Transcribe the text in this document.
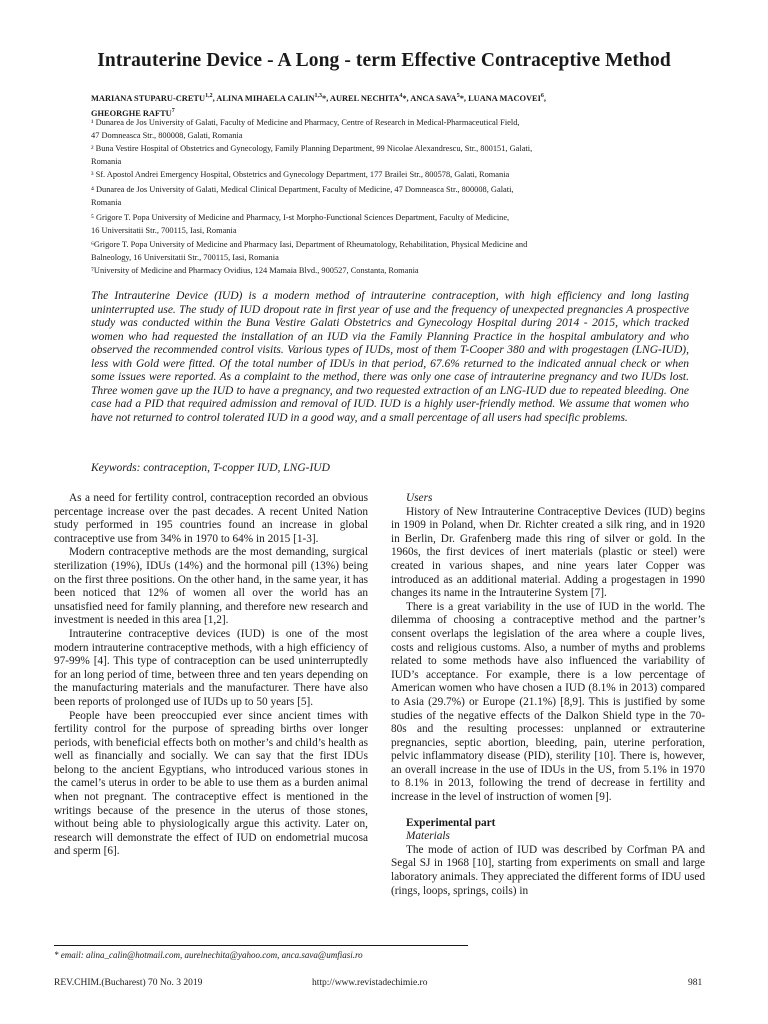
Intrauterine Device - A Long - term Effective Contraceptive Method
MARIANA STUPARU-CRETU$^{1,2}$, ALINA MIHAELA CALIN$^{1,3}$*, AUREL NECHITA$^4$*, ANCA SAVA$^5$*, LUANA MACOVEI$^6$,
GHEORGHE RAFTU$^7$
¹ Dunarea de Jos University of Galati, Faculty of Medicine and Pharmacy, Centre of Research in Medical-Pharmaceutical Field,
47 Domneasca Str., 800008, Galati, Romania
² Buna Vestire Hospital of Obstetrics and Gynecology, Family Planning Department, 99 Nicolae Alexandrescu, Str., 800151, Galati,
Romania
³ Sf. Apostol Andrei Emergency Hospital, Obstetrics and Gynecology Department, 177 Brailei Str., 800578, Galati, Romania
⁴ Dunarea de Jos University of Galati, Medical Clinical Department, Faculty of Medicine, 47 Domneasca Str., 800008, Galati,
Romania
⁵ Grigore T. Popa University of Medicine and Pharmacy, I-st Morpho-Functional Sciences Department, Faculty of Medicine,
16 Universitatii Str., 700115, Iasi, Romania
⁶Grigore T. Popa University of Medicine and Pharmacy Iasi, Department of Rheumatology, Rehabilitation, Physical Medicine and
Balneology, 16 Universitatii Str., 700115, Iasi, Romania
⁷University of Medicine and Pharmacy Ovidius, 124 Mamaia Blvd., 900527, Constanta, Romania

The Intrauterine Device (IUD) is a modern method of intrauterine contraception, with high efficiency and long lasting uninterrupted use. The study of IUD dropout rate in first year of use and the frequency of unexpected pregnancies A prospective study was conducted within the Buna Vestire Galati Obstetrics and Gynecology Hospital during 2014 - 2015, which tracked women who had requested the installation of an IUD via the Family Planning Practice in the hospital ambulatory and who observed the recommended control visits. Various types of IUDs, most of them T-Cooper 380 and with progestagen (LNG-IUD), less with Gold were fitted. Of the total number of IDUs in that period, 67.6% returned to the indicated annual check or when some issues were reported. As a complaint to the method, there was only one case of intrauterine pregnancy and two IUDs lost. Three women gave up the IUD to have a pregnancy, and two requested extraction of an LNG-IUD due to repeated bleeding. One case had a PID that required admission and removal of IUD. IUD is a highly user-friendly method. We assume that women who have not returned to control tolerated IUD in a good way, and a small percentage of all users had specific problems.

Keywords: contraception, T-copper IUD, LNG-IUD

As a need for fertility control, contraception recorded an obvious percentage increase over the past decades. A recent United Nation study performed in 195 countries found an increase in global contraceptive use from 34% in 1970 to 64% in 2015 [1-3].

Modern contraceptive methods are the most demanding, surgical sterilization (19%), IDUs (14%) and the hormonal pill (13%) being on the first three positions. On the other hand, in the same year, it has been noticed that 12% of women all over the world has an unsatisfied need for family planning, and therefore new research and investment is needed in this area [1,2].

Intrauterine contraceptive devices (IUD) is one of the most modern intrauterine contraceptive methods, with a high efficiency of 97-99% [4]. This type of contraception can be used uninterruptedly for an long period of time, between three and ten years depending on the manufacturing materials and the manufacturer. There have also been reports of prolonged use of IUDs up to 50 years [5].

People have been preoccupied ever since ancient times with fertility control for the purpose of spreading births over longer periods, with beneficial effects both on mother’s and child’s health as well as financially and socially. We can say that the first IDUs belong to the ancient Egyptians, who introduced various stones in the camel’s uterus in order to be able to use them as a burden animal when not pregnant. The contraceptive effect is mentioned in the writings because of the presence in the uterus of those stones, without being able to physiologically argue this activity. Later on, research will demonstrate the effect of IUD on endometrial mucosa and sperm [6].

Users

History of New Intrauterine Contraceptive Devices (IUD) begins in 1909 in Poland, when Dr. Richter created a silk ring, and in 1920 in Berlin, Dr. Grafenberg made this ring of silver or gold. In the 1960s, the first devices of inert materials (plastic or steel) were created in various shapes, and nine years later Copper was introduced as an additional material. Adding a progestagen in 1990 changes its name in the Intrauterine System [7].

There is a great variability in the use of IUD in the world. The dilemma of choosing a contraceptive method and the partner’s consent overlaps the legislation of the area where a couple lives, costs and religious customs. Also, a number of myths and problems related to some methods have also influenced the variability of IUD’s acceptance. For example, there is a low percentage of American women who have chosen a IUD (8.1% in 2013) compared to Asia (29.7%) or Europe (21.1%) [8,9]. This is justified by some studies of the negative effects of the Dalkon Shield type in the 70-80s and the resulting processes: unplanned or extrauterine pregnancies, septic abortion, bleeding, pain, uterine perforation, pelvic inflammatory disease (PID), sterility [10]. There is, however, an overall increase in the use of IDUs in the US, from 5.1% in 1970 to 8.1% in 2013, following the trend of decrease in fertility and increase in the level of instruction of women [9].

Experimental part

Materials

The mode of action of IUD was described by Corfman PA and Segal SJ in 1968 [10], starting from experiments on small and large laboratory animals. They appreciated the different forms of IDU used (rings, loops, springs, coils) in

* email: alina_calin@hotmail.com, aurelnechita@yahoo.com, anca.sava@umfiasi.ro
REV.CHIM.(Bucharest) 70 No. 3 2019	http://www.revistadechimie.ro	981
